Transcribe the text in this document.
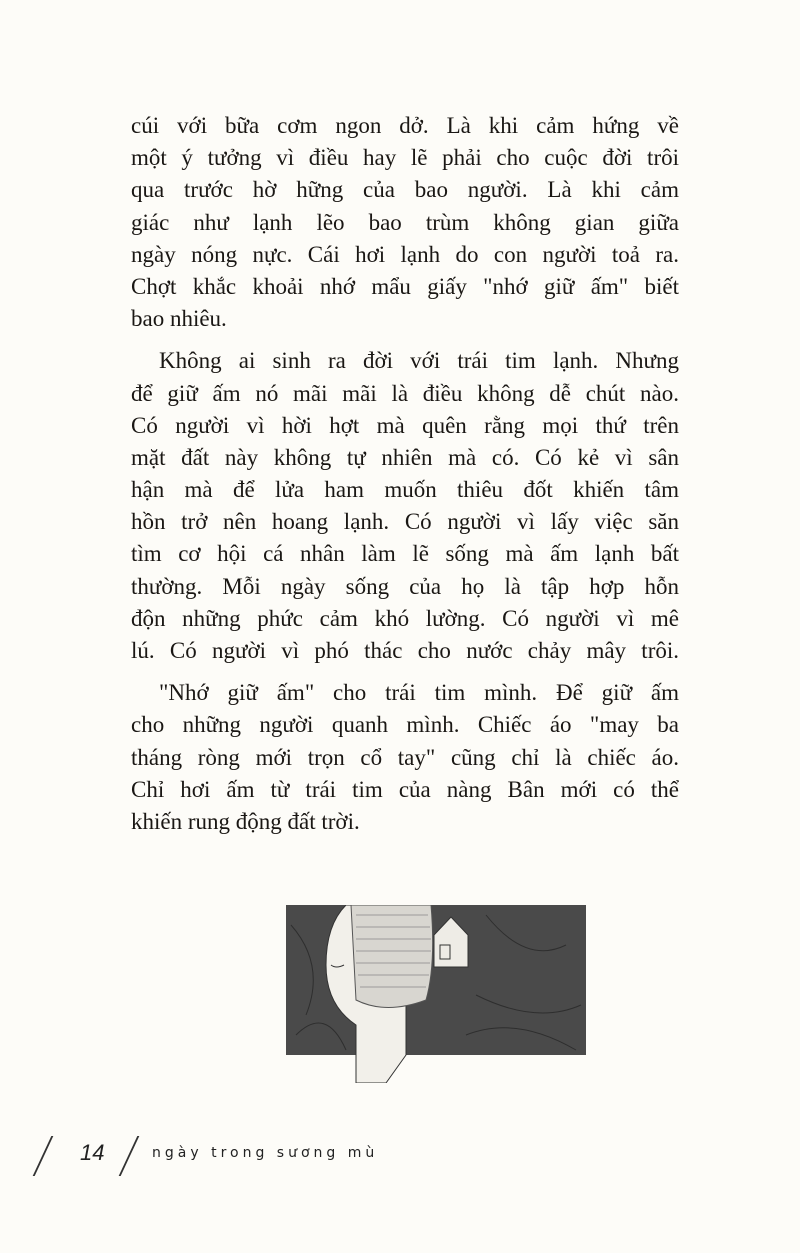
cúi với bữa cơm ngon dở. Là khi cảm hứng về
một ý tưởng vì điều hay lẽ phải cho cuộc đời trôi
qua trước hờ hững của bao người. Là khi cảm
giác như lạnh lẽo bao trùm không gian giữa
ngày nóng nực. Cái hơi lạnh do con người toả ra.
Chợt khắc khoải nhớ mẩu giấy "nhớ giữ ấm" biết
bao nhiêu.
Không ai sinh ra đời với trái tim lạnh. Nhưng
để giữ ấm nó mãi mãi là điều không dễ chút nào.
Có người vì hời hợt mà quên rằng mọi thứ trên
mặt đất này không tự nhiên mà có. Có kẻ vì sân
hận mà để lửa ham muốn thiêu đốt khiến tâm
hồn trở nên hoang lạnh. Có người vì lấy việc săn
tìm cơ hội cá nhân làm lẽ sống mà ấm lạnh bất
thường. Mỗi ngày sống của họ là tập hợp hỗn
độn những phức cảm khó lường. Có người vì mê
lú. Có người vì phó thác cho nước chảy mây trôi.
"Nhớ giữ ấm" cho trái tim mình. Để giữ ấm
cho những người quanh mình. Chiếc áo "may ba
tháng ròng mới trọn cổ tay" cũng chỉ là chiếc áo.
Chỉ hơi ấm từ trái tim của nàng Bân mới có thể
khiến rung động đất trời.
14	ngày trong sương mù
